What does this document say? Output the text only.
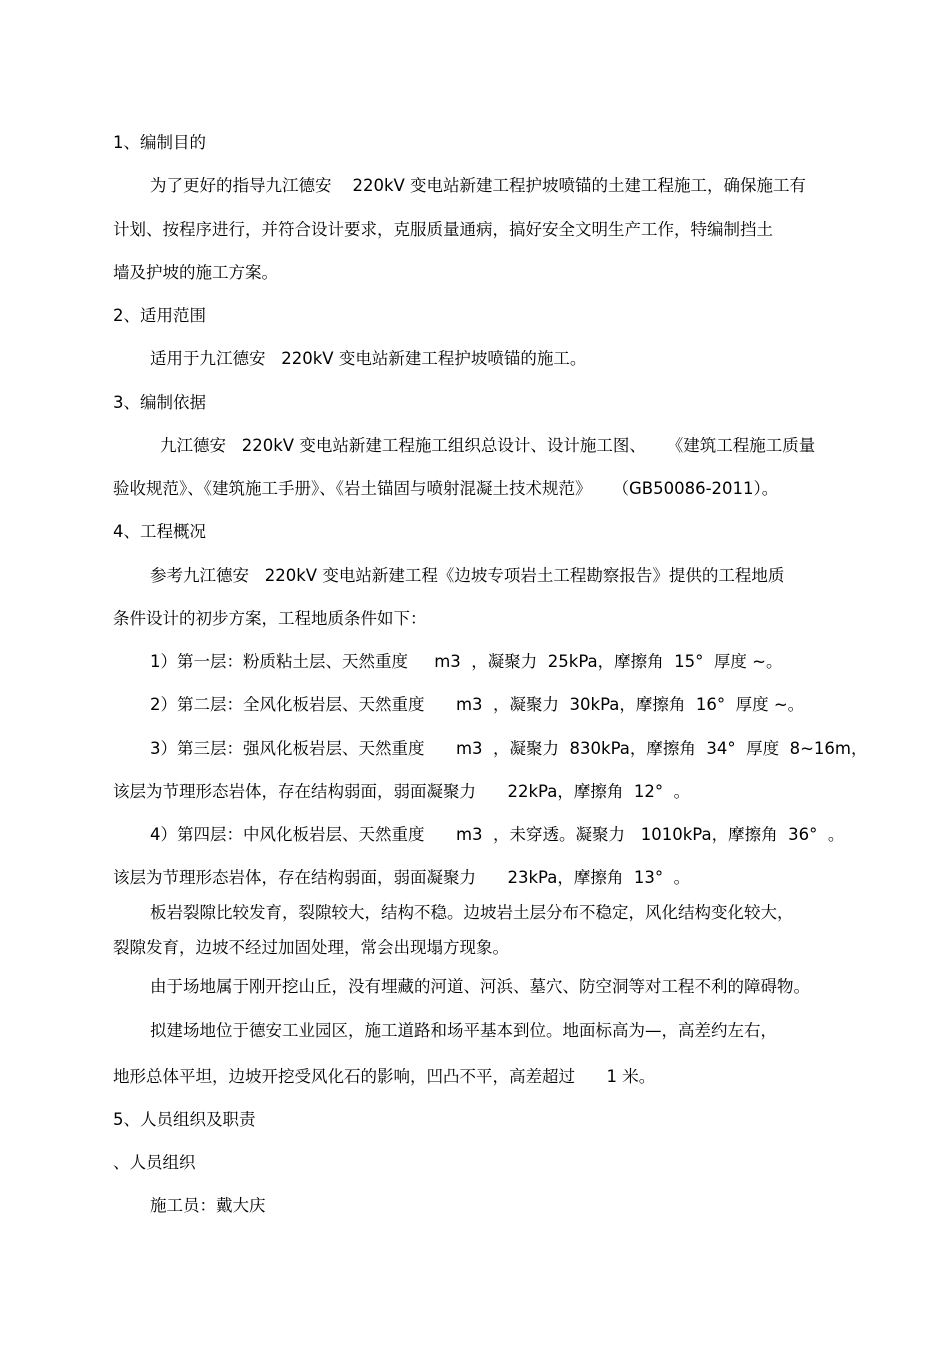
1、编制目的

为了更好的指导九江德安    220kV 变电站新建工程护坡喷锚的土建工程施工，确保施工有

计划、按程序进行，并符合设计要求，克服质量通病，搞好安全文明生产工作，特编制挡土

墙及护坡的施工方案。

2、适用范围

适用于九江德安   220kV 变电站新建工程护坡喷锚的施工。

3、编制依据

九江德安   220kV 变电站新建工程施工组织总设计、设计施工图、    《建筑工程施工质量

验收规范》、《建筑施工手册》、《岩土锚固与喷射混凝土技术规范》    （GB50086-2011）。

4、工程概况

参考九江德安   220kV 变电站新建工程《边坡专项岩土工程勘察报告》提供的工程地质

条件设计的初步方案，工程地质条件如下：

1）第一层：粉质粘土层、天然重度     m3  ，凝聚力  25kPa，摩擦角  15°  厚度 ~。

2）第二层：全风化板岩层、天然重度      m3  ，凝聚力  30kPa，摩擦角  16°  厚度 ~。

3）第三层：强风化板岩层、天然重度      m3  ，凝聚力  830kPa，摩擦角  34°  厚度  8~16m，

该层为节理形态岩体，存在结构弱面，弱面凝聚力      22kPa，摩擦角  12°  。

4）第四层：中风化板岩层、天然重度      m3  ，未穿透。凝聚力   1010kPa，摩擦角  36°  。

该层为节理形态岩体，存在结构弱面，弱面凝聚力      23kPa，摩擦角  13°  。

板岩裂隙比较发育，裂隙较大，结构不稳。边坡岩土层分布不稳定，风化结构变化较大，

裂隙发育，边坡不经过加固处理，常会出现塌方现象。

由于场地属于刚开挖山丘，没有埋藏的河道、河浜、墓穴、防空洞等对工程不利的障碍物。

拟建场地位于德安工业园区，施工道路和场平基本到位。地面标高为—，高差约左右，

地形总体平坦，边坡开挖受风化石的影响，凹凸不平，高差超过      1 米。

5、人员组织及职责

、人员组织

施工员：戴大庆
